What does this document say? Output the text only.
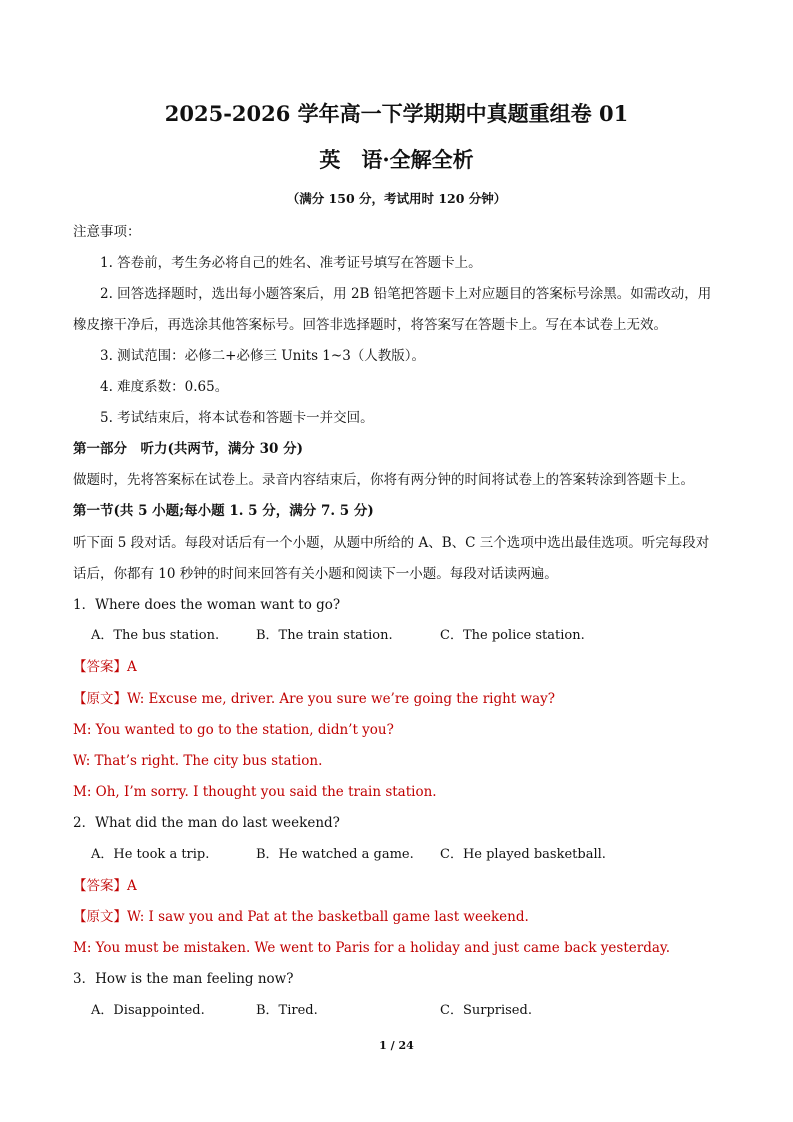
2025-2026 学年高一下学期期中真题重组卷 01
英　语·全解全析
（满分 150 分，考试用时 120 分钟）
注意事项：
1. 答卷前，考生务必将自己的姓名、准考证号填写在答题卡上。
2. 回答选择题时，选出每小题答案后，用 2B 铅笔把答题卡上对应题目的答案标号涂黑。如需改动，用
橡皮擦干净后，再选涂其他答案标号。回答非选择题时，将答案写在答题卡上。写在本试卷上无效。
3. 测试范围：必修二+必修三 Units 1~3（人教版）。
4. 难度系数：0.65。
5. 考试结束后，将本试卷和答题卡一并交回。
第一部分　听力(共两节，满分 30 分)
做题时，先将答案标在试卷上。录音内容结束后，你将有两分钟的时间将试卷上的答案转涂到答题卡上。
第一节(共 5 小题;每小题 1. 5 分，满分 7. 5 分)
听下面 5 段对话。每段对话后有一个小题，从题中所给的 A、B、C 三个选项中选出最佳选项。听完每段对
话后，你都有 10 秒钟的时间来回答有关小题和阅读下一小题。每段对话读两遍。
1．Where does the woman want to go?
A．The bus station.	B．The train station.	C．The police station.
【答案】A
【原文】W: Excuse me, driver. Are you sure we’re going the right way?
M: You wanted to go to the station, didn’t you?
W: That’s right. The city bus station.
M: Oh, I’m sorry. I thought you said the train station.
2．What did the man do last weekend?
A．He took a trip.	B．He watched a game. C．He played basketball.
【答案】A
【原文】W: I saw you and Pat at the basketball game last weekend.
M: You must be mistaken. We went to Paris for a holiday and just came back yesterday.
3．How is the man feeling now?
A．Disappointed.	B．Tired.	C．Surprised.
1 / 24
